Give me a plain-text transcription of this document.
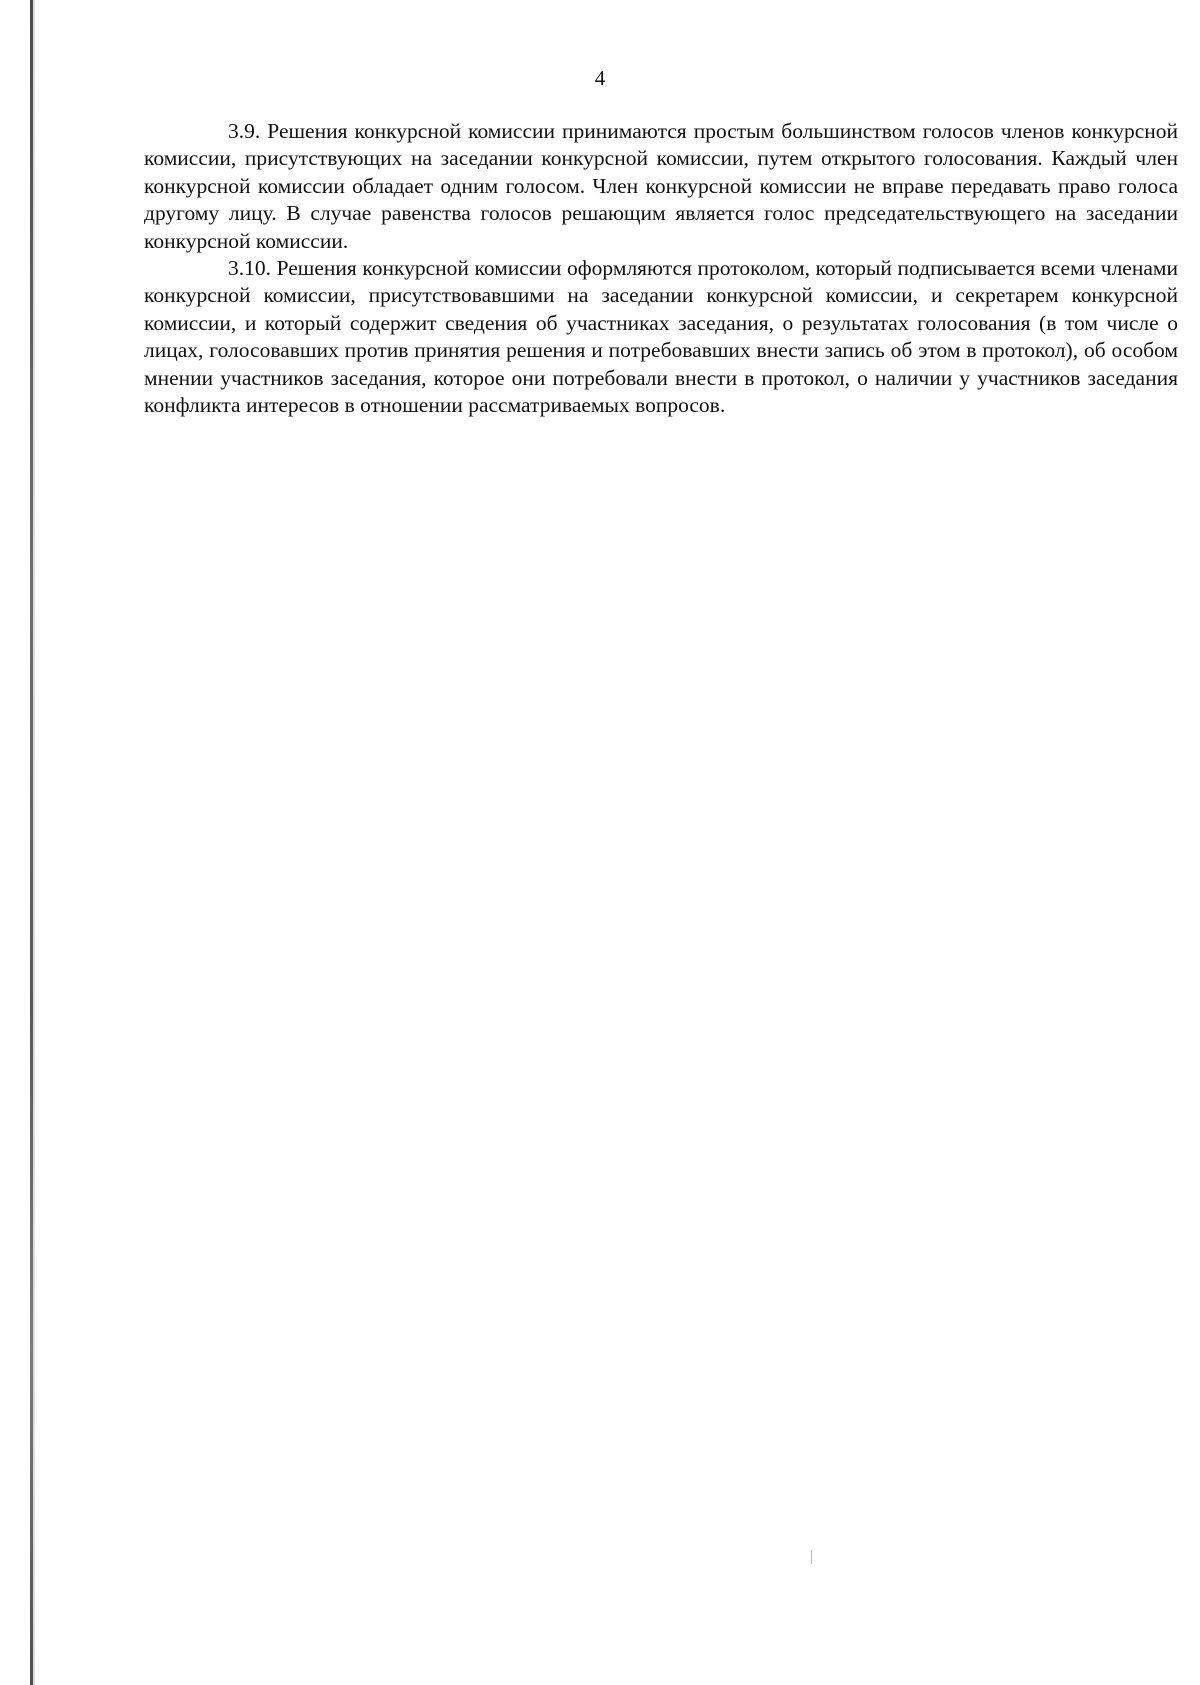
4

3.9. Решения конкурсной комиссии принимаются простым большинством голосов членов конкурсной комиссии, присутствующих на заседании конкурсной комиссии, путем открытого голосования. Каждый член конкурсной комиссии обладает одним голосом. Член конкурсной комиссии не вправе передавать право голоса другому лицу. В случае равенства голосов решающим является голос председательствующего на заседании конкурсной комиссии.

3.10. Решения конкурсной комиссии оформляются протоколом, который подписывается всеми членами конкурсной комиссии, присутствовавшими на заседании конкурсной комиссии, и секретарем конкурсной комиссии, и который содержит сведения об участниках заседания, о результатах голосования (в том числе о лицах, голосовавших против принятия решения и потребовавших внести запись об этом в протокол), об особом мнении участников заседания, которое они потребовали внести в протокол, о наличии у участников заседания конфликта интересов в отношении рассматриваемых вопросов.
